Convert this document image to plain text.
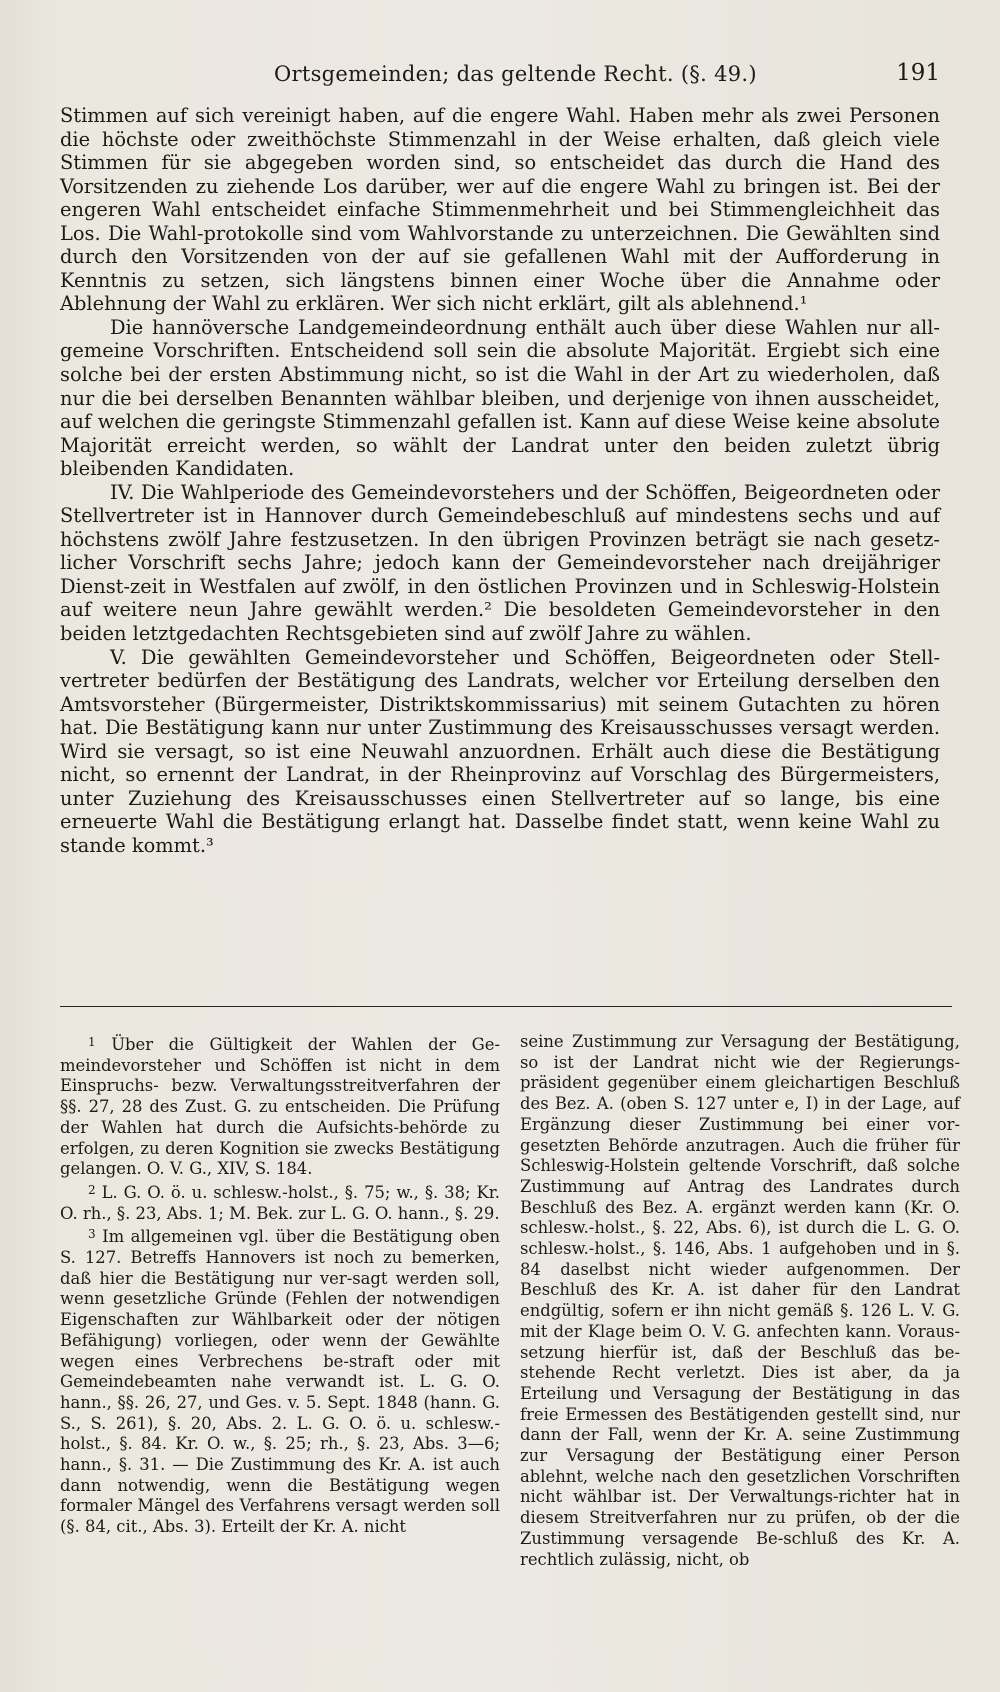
Ortsgemeinden; das geltende Recht. (§. 49.)	191

Stimmen auf sich vereinigt haben, auf die engere Wahl. Haben mehr als zwei Personen die höchste oder zweithöchste Stimmenzahl in der Weise erhalten, daß gleich viele Stimmen für sie abgegeben worden sind, so entscheidet das durch die Hand des Vorsitzenden zu ziehende Los darüber, wer auf die engere Wahl zu bringen ist. Bei der engeren Wahl entscheidet einfache Stimmenmehrheit und bei Stimmengleichheit das Los. Die Wahl-protokolle sind vom Wahlvorstande zu unterzeichnen. Die Gewählten sind durch den Vorsitzenden von der auf sie gefallenen Wahl mit der Aufforderung in Kenntnis zu setzen, sich längstens binnen einer Woche über die Annahme oder Ablehnung der Wahl zu erklären. Wer sich nicht erklärt, gilt als ablehnend.¹

Die hannöversche Landgemeindeordnung enthält auch über diese Wahlen nur all-gemeine Vorschriften. Entscheidend soll sein die absolute Majorität. Ergiebt sich eine solche bei der ersten Abstimmung nicht, so ist die Wahl in der Art zu wiederholen, daß nur die bei derselben Benannten wählbar bleiben, und derjenige von ihnen ausscheidet, auf welchen die geringste Stimmenzahl gefallen ist. Kann auf diese Weise keine absolute Majorität erreicht werden, so wählt der Landrat unter den beiden zuletzt übrig bleibenden Kandidaten.

IV. Die Wahlperiode des Gemeindevorstehers und der Schöffen, Beigeordneten oder Stellvertreter ist in Hannover durch Gemeindebeschluß auf mindestens sechs und auf höchstens zwölf Jahre festzusetzen. In den übrigen Provinzen beträgt sie nach gesetz-licher Vorschrift sechs Jahre; jedoch kann der Gemeindevorsteher nach dreijähriger Dienst-zeit in Westfalen auf zwölf, in den östlichen Provinzen und in Schleswig-Holstein auf weitere neun Jahre gewählt werden.² Die besoldeten Gemeindevorsteher in den beiden letztgedachten Rechtsgebieten sind auf zwölf Jahre zu wählen.

V. Die gewählten Gemeindevorsteher und Schöffen, Beigeordneten oder Stell-vertreter bedürfen der Bestätigung des Landrats, welcher vor Erteilung derselben den Amtsvorsteher (Bürgermeister, Distriktskommissarius) mit seinem Gutachten zu hören hat. Die Bestätigung kann nur unter Zustimmung des Kreisausschusses versagt werden. Wird sie versagt, so ist eine Neuwahl anzuordnen. Erhält auch diese die Bestätigung nicht, so ernennt der Landrat, in der Rheinprovinz auf Vorschlag des Bürgermeisters, unter Zuziehung des Kreisausschusses einen Stellvertreter auf so lange, bis eine erneuerte Wahl die Bestätigung erlangt hat. Dasselbe findet statt, wenn keine Wahl zu stande kommt.³

$^1$ Über die Gültigkeit der Wahlen der Ge-meindevorsteher und Schöffen ist nicht in dem Einspruchs- bezw. Verwaltungsstreitverfahren der §§. 27, 28 des Zust. G. zu entscheiden. Die Prüfung der Wahlen hat durch die Aufsichts-behörde zu erfolgen, zu deren Kognition sie zwecks Bestätigung gelangen. O. V. G., XIV, S. 184.

$^2$ L. G. O. ö. u. schlesw.-holst., §. 75; w., §. 38; Kr. O. rh., §. 23, Abs. 1; M. Bek. zur L. G. O. hann., §. 29.

$^3$ Im allgemeinen vgl. über die Bestätigung oben S. 127. Betreffs Hannovers ist noch zu bemerken, daß hier die Bestätigung nur ver-sagt werden soll, wenn gesetzliche Gründe (Fehlen der notwendigen Eigenschaften zur Wählbarkeit oder der nötigen Befähigung) vorliegen, oder wenn der Gewählte wegen eines Verbrechens be-straft oder mit Gemeindebeamten nahe verwandt ist. L. G. O. hann., §§. 26, 27, und Ges. v. 5. Sept. 1848 (hann. G. S., S. 261), §. 20, Abs. 2. L. G. O. ö. u. schlesw.-holst., §. 84. Kr. O. w., §. 25; rh., §. 23, Abs. 3—6; hann., §. 31. — Die Zustimmung des Kr. A. ist auch dann notwendig, wenn die Bestätigung wegen formaler Mängel des Verfahrens versagt werden soll (§. 84, cit., Abs. 3). Erteilt der Kr. A. nicht

seine Zustimmung zur Versagung der Bestätigung, so ist der Landrat nicht wie der Regierungs-präsident gegenüber einem gleichartigen Beschluß des Bez. A. (oben S. 127 unter e, I) in der Lage, auf Ergänzung dieser Zustimmung bei einer vor-gesetzten Behörde anzutragen. Auch die früher für Schleswig-Holstein geltende Vorschrift, daß solche Zustimmung auf Antrag des Landrates durch Beschluß des Bez. A. ergänzt werden kann (Kr. O. schlesw.-holst., §. 22, Abs. 6), ist durch die L. G. O. schlesw.-holst., §. 146, Abs. 1 aufgehoben und in §. 84 daselbst nicht wieder aufgenommen. Der Beschluß des Kr. A. ist daher für den Landrat endgültig, sofern er ihn nicht gemäß §. 126 L. V. G. mit der Klage beim O. V. G. anfechten kann. Voraus-setzung hierfür ist, daß der Beschluß das be-stehende Recht verletzt. Dies ist aber, da ja Erteilung und Versagung der Bestätigung in das freie Ermessen des Bestätigenden gestellt sind, nur dann der Fall, wenn der Kr. A. seine Zustimmung zur Versagung der Bestätigung einer Person ablehnt, welche nach den gesetzlichen Vorschriften nicht wählbar ist. Der Verwaltungs-richter hat in diesem Streitverfahren nur zu prüfen, ob der die Zustimmung versagende Be-schluß des Kr. A. rechtlich zulässig, nicht, ob
